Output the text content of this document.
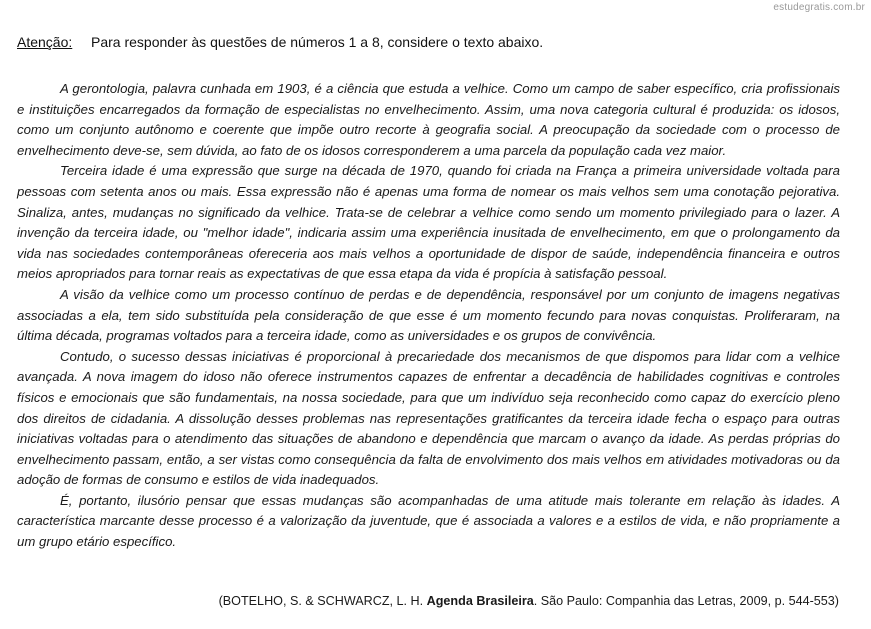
estudegratis.com.br
Atenção: Para responder às questões de números 1 a 8, considere o texto abaixo.

A gerontologia, palavra cunhada em 1903, é a ciência que estuda a velhice. Como um campo de saber específico, cria profissionais e instituições encarregados da formação de especialistas no envelhecimento. Assim, uma nova categoria cultural é produzida: os idosos, como um conjunto autônomo e coerente que impõe outro recorte à geografia social. A preocupação da sociedade com o processo de envelhecimento deve-se, sem dúvida, ao fato de os idosos corresponderem a uma parcela da população cada vez maior.

Terceira idade é uma expressão que surge na década de 1970, quando foi criada na França a primeira universidade voltada para pessoas com setenta anos ou mais. Essa expressão não é apenas uma forma de nomear os mais velhos sem uma conotação pejorativa. Sinaliza, antes, mudanças no significado da velhice. Trata-se de celebrar a velhice como sendo um momento privilegiado para o lazer. A invenção da terceira idade, ou "melhor idade", indicaria assim uma experiência inusitada de envelhecimento, em que o prolongamento da vida nas sociedades contemporâneas ofereceria aos mais velhos a oportunidade de dispor de saúde, independência financeira e outros meios apropriados para tornar reais as expectativas de que essa etapa da vida é propícia à satisfação pessoal.

A visão da velhice como um processo contínuo de perdas e de dependência, responsável por um conjunto de imagens negativas associadas a ela, tem sido substituída pela consideração de que esse é um momento fecundo para novas conquistas. Proliferaram, na última década, programas voltados para a terceira idade, como as universidades e os grupos de convivência.

Contudo, o sucesso dessas iniciativas é proporcional à precariedade dos mecanismos de que dispomos para lidar com a velhice avançada. A nova imagem do idoso não oferece instrumentos capazes de enfrentar a decadência de habilidades cognitivas e controles físicos e emocionais que são fundamentais, na nossa sociedade, para que um indivíduo seja reconhecido como capaz do exercício pleno dos direitos de cidadania. A dissolução desses problemas nas representações gratificantes da terceira idade fecha o espaço para outras iniciativas voltadas para o atendimento das situações de abandono e dependência que marcam o avanço da idade. As perdas próprias do envelhecimento passam, então, a ser vistas como consequência da falta de envolvimento dos mais velhos em atividades motivadoras ou da adoção de formas de consumo e estilos de vida inadequados.

É, portanto, ilusório pensar que essas mudanças são acompanhadas de uma atitude mais tolerante em relação às idades. A característica marcante desse processo é a valorização da juventude, que é associada a valores e a estilos de vida, e não propriamente a um grupo etário específico.

(BOTELHO, S. & SCHWARCZ, L. H. Agenda Brasileira. São Paulo: Companhia das Letras, 2009, p. 544-553)
